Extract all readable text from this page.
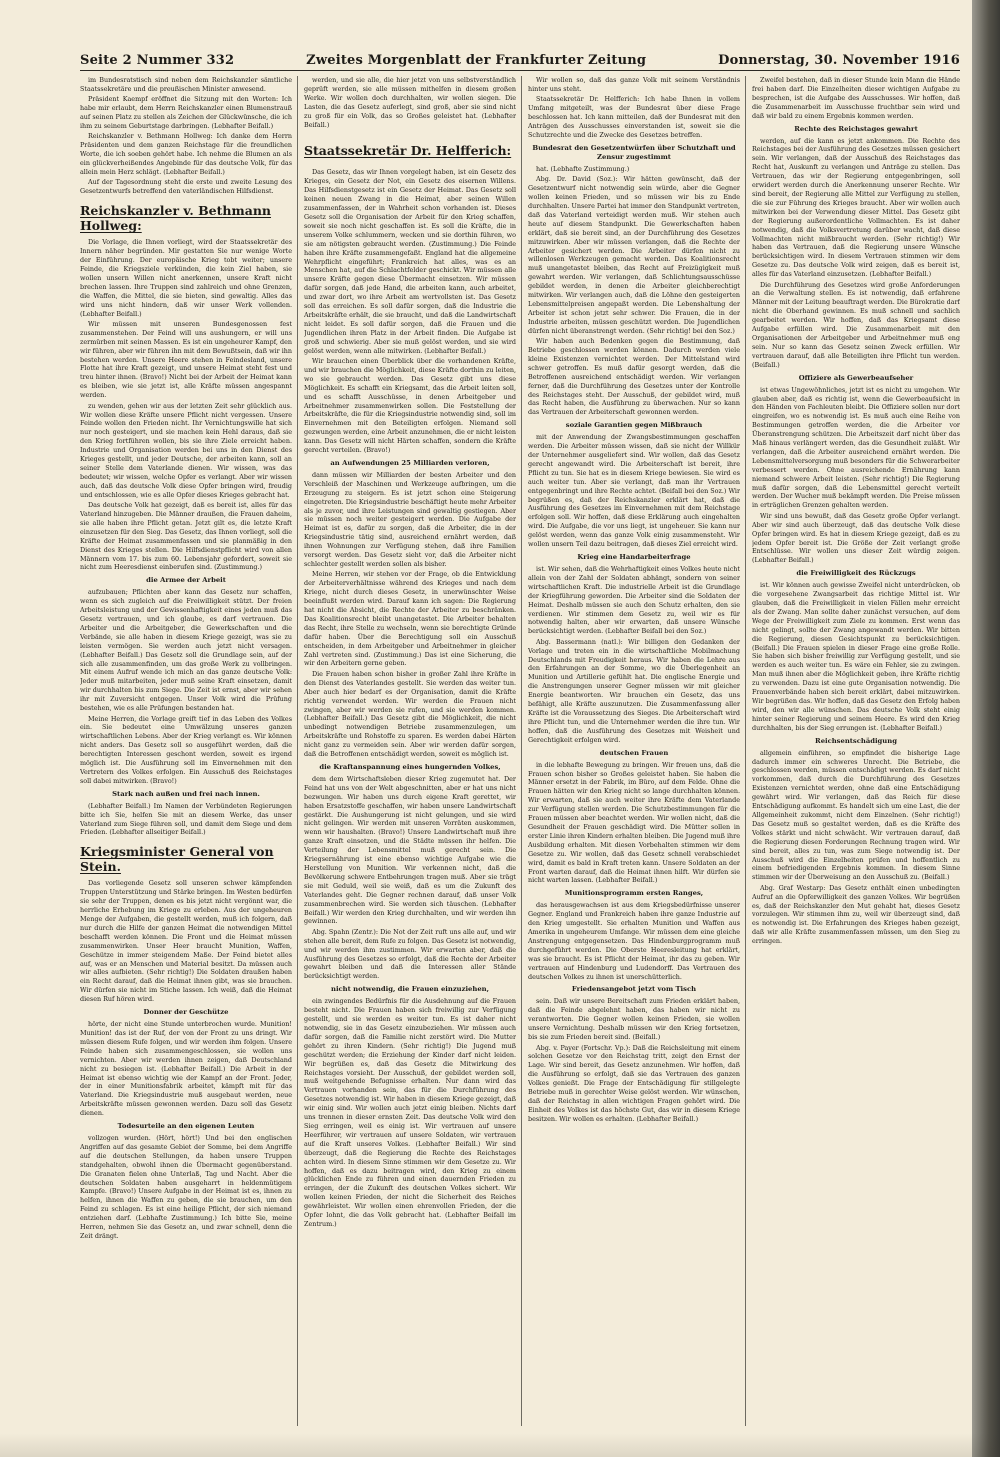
Seite 2 Nummer 332	Zweites Morgenblatt der Frankfurter Zeitung	Donnerstag, 30. November 1916

im Bundesratstisch sind neben dem Reichskanzler sämtliche Staatssekretäre und die preußischen Minister anwesend.

Präsident Kaempf eröffnet die Sitzung mit den Worten: Ich habe mir erlaubt, dem Herrn Reichskanzler einen Blumenstrauß auf seinen Platz zu stellen als Zeichen der Glückwünsche, die ich ihm zu seinem Geburtstage darbringen. (Lebhafter Beifall.)

Reichskanzler v. Bethmann Hollweg: Ich danke dem Herrn Präsidenten und dem ganzen Reichstage für die freundlichen Worte, die ich soeben gehört habe. Ich nehme die Blumen an als ein glückverheißendes Angebinde für das deutsche Volk, für das allein mein Herz schlägt. (Lebhafter Beifall.)

Auf der Tagesordnung steht die erste und zweite Lesung des Gesetzentwurfs betreffend den vaterländischen Hilfsdienst.

Reichskanzler v. Bethmann Hollweg:

Die Vorlage, die Ihnen vorliegt, wird der Staatssekretär des Innern näher begründen. Mir gestatten Sie nur wenige Worte der Einführung. Der europäische Krieg tobt weiter; unsere Feinde, die Kriegsziele verkünden, die kein Ziel haben, sie wollen unsern Willen nicht anerkennen, unsere Kraft nicht brechen lassen. Ihre Truppen sind zahlreich und ohne Grenzen, die Waffen, die Mittel, die sie bieten, sind gewaltig. Alles das wird uns nicht hindern, daß wir unser Werk vollenden. (Lebhafter Beifall.)

Wir müssen mit unseren Bundesgenossen fest zusammenstehen. Der Feind will uns aushungern, er will uns zermürben mit seinen Massen. Es ist ein ungeheurer Kampf, den wir führen, aber wir führen ihn mit dem Bewußtsein, daß wir ihn bestehen werden. Unsere Heere stehen in Feindesland, unsere Flotte hat ihre Kraft gezeigt, und unsere Heimat steht fest und treu hinter ihnen. (Bravo!) Nicht bei der Arbeit der Heimat kann es bleiben, wie sie jetzt ist, alle Kräfte müssen angespannt werden.

zu wenden, gehen wir aus der letzten Zeit sehr glücklich aus. Wir wollen diese Kräfte unsere Pflicht nicht vergessen. Unsere Feinde wollen den Frieden nicht. Ihr Vernichtungswille hat sich nur noch gesteigert, und sie machen kein Hehl daraus, daß sie den Krieg fortführen wollen, bis sie ihre Ziele erreicht haben. Industrie und Organisation werden bei uns in den Dienst des Krieges gestellt, und jeder Deutsche, der arbeiten kann, soll an seiner Stelle dem Vaterlande dienen. Wir wissen, was das bedeutet; wir wissen, welche Opfer es verlangt. Aber wir wissen auch, daß das deutsche Volk diese Opfer bringen wird, freudig und entschlossen, wie es alle Opfer dieses Krieges gebracht hat.

Das deutsche Volk hat gezeigt, daß es bereit ist, alles für das Vaterland hinzugeben. Die Männer draußen, die Frauen daheim, sie alle haben ihre Pflicht getan. Jetzt gilt es, die letzte Kraft einzusetzen für den Sieg. Das Gesetz, das Ihnen vorliegt, soll die Kräfte der Heimat zusammenfassen und sie planmäßig in den Dienst des Krieges stellen. Die Hilfsdienstpflicht wird von allen Männern vom 17. bis zum 60. Lebensjahr gefordert, soweit sie nicht zum Heeresdienst einberufen sind. (Zustimmung.)

die Armee der Arbeit

aufzubauen; Pflichten aber kann das Gesetz nur schaffen, wenn es sich zugleich auf die Freiwilligkeit stützt. Der freien Arbeitsleistung und der Gewissenhaftigkeit eines jeden muß das Gesetz vertrauen, und ich glaube, es darf vertrauen. Die Arbeiter und die Arbeitgeber, die Gewerkschaften und die Verbände, sie alle haben in diesem Kriege gezeigt, was sie zu leisten vermögen. Sie werden auch jetzt nicht versagen. (Lebhafter Beifall.) Das Gesetz soll die Grundlage sein, auf der sich alle zusammenfinden, um das große Werk zu vollbringen. Mit einem Aufruf wende ich mich an das ganze deutsche Volk: Jeder muß mitarbeiten, jeder muß seine Kraft einsetzen, damit wir durchhalten bis zum Siege. Die Zeit ist ernst, aber wir sehen ihr mit Zuversicht entgegen. Unser Volk wird die Prüfung bestehen, wie es alle Prüfungen bestanden hat.

Meine Herren, die Vorlage greift tief in das Leben des Volkes ein. Sie bedeutet eine Umwälzung unseres ganzen wirtschaftlichen Lebens. Aber der Krieg verlangt es. Wir können nicht anders. Das Gesetz soll so ausgeführt werden, daß die berechtigten Interessen geschont werden, soweit es irgend möglich ist. Die Ausführung soll im Einvernehmen mit den Vertretern des Volkes erfolgen. Ein Ausschuß des Reichstages soll dabei mitwirken. (Bravo!)

Stark nach außen und frei nach innen.

(Lebhafter Beifall.) Im Namen der Verbündeten Regierungen bitte ich Sie, helfen Sie mit an diesem Werke, das unser Vaterland zum Siege führen soll, und damit dem Siege und dem Frieden. (Lebhafter allseitiger Beifall.)

Kriegsminister General von Stein.

Das vorliegende Gesetz soll unseren schwer kämpfenden Truppen Unterstützung und Stärke bringen. Im Westen bedürfen sie sehr der Truppen, denen es bis jetzt nicht vergönnt war, die herrliche Erhebung im Kriege zu erleben. Aus der ungeheuren Menge der Aufgaben, die gestellt werden, muß ich folgern, daß nur durch die Hilfe der ganzen Heimat die notwendigen Mittel beschafft werden können. Die Front und die Heimat müssen zusammenwirken. Unser Heer braucht Munition, Waffen, Geschütze in immer steigendem Maße. Der Feind bietet alles auf, was er an Menschen und Material besitzt. Da müssen auch wir alles aufbieten. (Sehr richtig!) Die Soldaten draußen haben ein Recht darauf, daß die Heimat ihnen gibt, was sie brauchen. Wir dürfen sie nicht im Stiche lassen. Ich weiß, daß die Heimat diesen Ruf hören wird.

Donner der Geschütze

hörte, der nicht eine Stunde unterbrochen wurde. Munition! Munition! das ist der Ruf, der von der Front zu uns dringt. Wir müssen diesem Rufe folgen, und wir werden ihm folgen. Unsere Feinde haben sich zusammengeschlossen, sie wollen uns vernichten. Aber wir werden ihnen zeigen, daß Deutschland nicht zu besiegen ist. (Lebhafter Beifall.) Die Arbeit in der Heimat ist ebenso wichtig wie der Kampf an der Front. Jeder, der in einer Munitionsfabrik arbeitet, kämpft mit für das Vaterland. Die Kriegsindustrie muß ausgebaut werden, neue Arbeitskräfte müssen gewonnen werden. Dazu soll das Gesetz dienen.

Todesurteile an den eigenen Leuten

vollzogen wurden. (Hört, hört!) Und bei den englischen Angriffen auf das gesamte Gebiet der Somme, bei dem Angriffe auf die deutschen Stellungen, da haben unsere Truppen standgehalten, obwohl ihnen die Übermacht gegenüberstand. Die Granaten fielen ohne Unterlaß, Tag und Nacht. Aber die deutschen Soldaten haben ausgeharrt in heldenmütigem Kampfe. (Bravo!) Unsere Aufgabe in der Heimat ist es, ihnen zu helfen, ihnen die Waffen zu geben, die sie brauchen, um den Feind zu schlagen. Es ist eine heilige Pflicht, der sich niemand entziehen darf. (Lebhafte Zustimmung.) Ich bitte Sie, meine Herren, nehmen Sie das Gesetz an, und zwar schnell, denn die Zeit drängt.

werden, und sie alle, die hier jetzt von uns selbstverständlich geprüft werden, sie alle müssen mithelfen in diesem großen Werke. Wir wollen doch durchhalten, wir wollen siegen. Die Lasten, die das Gesetz auferlegt, sind groß, aber sie sind nicht zu groß für ein Volk, das so Großes geleistet hat. (Lebhafter Beifall.)

Staatssekretär Dr. Helfferich:

Das Gesetz, das wir Ihnen vorgelegt haben, ist ein Gesetz des Krieges, ein Gesetz der Not, ein Gesetz des eisernen Willens. Das Hilfsdienstgesetz ist ein Gesetz der Heimat. Das Gesetz soll keinen neuen Zwang in die Heimat, aber seinen Willen zusammenfassen, der in Wahrheit schon vorhanden ist. Dieses Gesetz soll die Organisation der Arbeit für den Krieg schaffen, soweit sie noch nicht geschaffen ist. Es soll die Kräfte, die in unserem Volke schlummern, wecken und sie dorthin führen, wo sie am nötigsten gebraucht werden. (Zustimmung.) Die Feinde haben ihre Kräfte zusammengefaßt. England hat die allgemeine Wehrpflicht eingeführt; Frankreich hat alles, was es an Menschen hat, auf die Schlachtfelder geschickt. Wir müssen alle unsere Kräfte gegen diese Übermacht einsetzen. Wir müssen dafür sorgen, daß jede Hand, die arbeiten kann, auch arbeitet, und zwar dort, wo ihre Arbeit am wertvollsten ist. Das Gesetz soll das erreichen. Es soll dafür sorgen, daß die Industrie die Arbeitskräfte erhält, die sie braucht, und daß die Landwirtschaft nicht leidet. Es soll dafür sorgen, daß die Frauen und die Jugendlichen ihren Platz in der Arbeit finden. Die Aufgabe ist groß und schwierig. Aber sie muß gelöst werden, und sie wird gelöst werden, wenn alle mitwirken. (Lebhafter Beifall.)

Wir brauchen einen Überblick über die vorhandenen Kräfte, und wir brauchen die Möglichkeit, diese Kräfte dorthin zu leiten, wo sie gebraucht werden. Das Gesetz gibt uns diese Möglichkeit. Es schafft ein Kriegsamt, das die Arbeit leiten soll, und es schafft Ausschüsse, in denen Arbeitgeber und Arbeitnehmer zusammenwirken sollen. Die Feststellung der Arbeitskräfte, die für die Kriegsindustrie notwendig sind, soll im Einvernehmen mit den Beteiligten erfolgen. Niemand soll gezwungen werden, eine Arbeit anzunehmen, die er nicht leisten kann. Das Gesetz will nicht Härten schaffen, sondern die Kräfte gerecht verteilen. (Bravo!)

an Aufwendungen 25 Milliarden verloren,

dann müssen wir Milliarden der besten Arbeiter und den Verschleiß der Maschinen und Werkzeuge aufbringen, um die Erzeugung zu steigern. Es ist jetzt schon eine Steigerung eingetreten. Die Kriegsindustrie beschäftigt heute mehr Arbeiter als je zuvor, und ihre Leistungen sind gewaltig gestiegen. Aber sie müssen noch weiter gesteigert werden. Die Aufgabe der Heimat ist es, dafür zu sorgen, daß die Arbeiter, die in der Kriegsindustrie tätig sind, ausreichend ernährt werden, daß ihnen Wohnungen zur Verfügung stehen, daß ihre Familien versorgt werden. Das Gesetz sieht vor, daß die Arbeiter nicht schlechter gestellt werden sollen als bisher.

Meine Herren, wir stehen vor der Frage, ob die Entwicklung der Arbeiterverhältnisse während des Krieges und nach dem Kriege, nicht durch dieses Gesetz, in unerwünschter Weise beeinflußt werden wird. Darauf kann ich sagen: Die Regierung hat nicht die Absicht, die Rechte der Arbeiter zu beschränken. Das Koalitionsrecht bleibt unangetastet. Die Arbeiter behalten das Recht, ihre Stelle zu wechseln, wenn sie berechtigte Gründe dafür haben. Über die Berechtigung soll ein Ausschuß entscheiden, in dem Arbeitgeber und Arbeitnehmer in gleicher Zahl vertreten sind. (Zustimmung.) Das ist eine Sicherung, die wir den Arbeitern gerne geben.

Die Frauen haben schon bisher in großer Zahl ihre Kräfte in den Dienst des Vaterlandes gestellt. Sie werden das weiter tun. Aber auch hier bedarf es der Organisation, damit die Kräfte richtig verwendet werden. Wir werden die Frauen nicht zwingen, aber wir werden sie rufen, und sie werden kommen. (Lebhafter Beifall.) Das Gesetz gibt die Möglichkeit, die nicht unbedingt notwendigen Betriebe zusammenzulegen, um Arbeitskräfte und Rohstoffe zu sparen. Es werden dabei Härten nicht ganz zu vermeiden sein. Aber wir werden dafür sorgen, daß die Betroffenen entschädigt werden, soweit es möglich ist.

die Kraftanspannung eines hungernden Volkes,

dem dem Wirtschaftsleben dieser Krieg zugemutet hat. Der Feind hat uns von der Welt abgeschnitten, aber er hat uns nicht bezwungen. Wir haben uns durch eigene Kraft gerettet, wir haben Ersatzstoffe geschaffen, wir haben unsere Landwirtschaft gestärkt. Die Aushungerung ist nicht gelungen, und sie wird nicht gelingen. Wir werden mit unseren Vorräten auskommen, wenn wir haushalten. (Bravo!) Unsere Landwirtschaft muß ihre ganze Kraft einsetzen, und die Städte müssen ihr helfen. Die Verteilung der Lebensmittel muß gerecht sein. Die Kriegsernährung ist eine ebenso wichtige Aufgabe wie die Herstellung von Munition. Wir verkennen nicht, daß die Bevölkerung schwere Entbehrungen tragen muß. Aber sie trägt sie mit Geduld, weil sie weiß, daß es um die Zukunft des Vaterlandes geht. Die Gegner rechnen darauf, daß unser Volk zusammenbrechen wird. Sie werden sich täuschen. (Lebhafter Beifall.) Wir werden den Krieg durchhalten, und wir werden ihn gewinnen.

Abg. Spahn (Zentr.): Die Not der Zeit ruft uns alle auf, und wir stehen alle bereit, dem Rufe zu folgen. Das Gesetz ist notwendig, und wir werden ihm zustimmen. Wir erwarten aber, daß die Ausführung des Gesetzes so erfolgt, daß die Rechte der Arbeiter gewahrt bleiben und daß die Interessen aller Stände berücksichtigt werden.

nicht notwendig, die Frauen einzuziehen,

ein zwingendes Bedürfnis für die Ausdehnung auf die Frauen besteht nicht. Die Frauen haben sich freiwillig zur Verfügung gestellt, und sie werden es weiter tun. Es ist daher nicht notwendig, sie in das Gesetz einzubeziehen. Wir müssen auch dafür sorgen, daß die Familie nicht zerstört wird. Die Mutter gehört zu ihren Kindern. (Sehr richtig!) Die Jugend muß geschützt werden; die Erziehung der Kinder darf nicht leiden. Wir begrüßen es, daß das Gesetz die Mitwirkung des Reichstages vorsieht. Der Ausschuß, der gebildet werden soll, muß weitgehende Befugnisse erhalten. Nur dann wird das Vertrauen vorhanden sein, das für die Durchführung des Gesetzes notwendig ist. Wir haben in diesem Kriege gezeigt, daß wir einig sind. Wir wollen auch jetzt einig bleiben. Nichts darf uns trennen in dieser ernsten Zeit. Das deutsche Volk wird den Sieg erringen, weil es einig ist. Wir vertrauen auf unsere Heerführer, wir vertrauen auf unsere Soldaten, wir vertrauen auf die Kraft unseres Volkes. (Lebhafter Beifall.) Wir sind überzeugt, daß die Regierung die Rechte des Reichstages achten wird. In diesem Sinne stimmen wir dem Gesetze zu. Wir hoffen, daß es dazu beitragen wird, den Krieg zu einem glücklichen Ende zu führen und einen dauernden Frieden zu erringen, der die Zukunft des deutschen Volkes sichert. Wir wollen keinen Frieden, der nicht die Sicherheit des Reiches gewährleistet. Wir wollen einen ehrenvollen Frieden, der die Opfer lohnt, die das Volk gebracht hat. (Lebhafter Beifall im Zentrum.)

Wir wollen so, daß das ganze Volk mit seinem Verständnis hinter uns steht.

Staatssekretär Dr. Helfferich: Ich habe Ihnen in vollem Umfang mitgeteilt, was der Bundesrat über diese Frage beschlossen hat. Ich kann mitteilen, daß der Bundesrat mit den Anträgen des Ausschusses einverstanden ist, soweit sie die Schutzrechte und die Zwecke des Gesetzes betreffen.

Bundesrat den Gesetzentwürfen über Schutzhaft und Zensur zugestimmt

hat. (Lebhafte Zustimmung.)

Abg. Dr. David (Soz.): Wir hätten gewünscht, daß der Gesetzentwurf nicht notwendig sein würde, aber die Gegner wollen keinen Frieden, und so müssen wir bis zu Ende durchhalten. Unsere Partei hat immer den Standpunkt vertreten, daß das Vaterland verteidigt werden muß. Wir stehen auch heute auf diesem Standpunkt. Die Gewerkschaften haben erklärt, daß sie bereit sind, an der Durchführung des Gesetzes mitzuwirken. Aber wir müssen verlangen, daß die Rechte der Arbeiter gesichert werden. Die Arbeiter dürfen nicht zu willenlosen Werkzeugen gemacht werden. Das Koalitionsrecht muß unangetastet bleiben, das Recht auf Freizügigkeit muß gewahrt werden. Wir verlangen, daß Schlichtungsausschüsse gebildet werden, in denen die Arbeiter gleichberechtigt mitwirken. Wir verlangen auch, daß die Löhne den gesteigerten Lebensmittelpreisen angepaßt werden. Die Lebenshaltung der Arbeiter ist schon jetzt sehr schwer. Die Frauen, die in der Industrie arbeiten, müssen geschützt werden. Die Jugendlichen dürfen nicht überanstrengt werden. (Sehr richtig! bei den Soz.)

Wir haben auch Bedenken gegen die Bestimmung, daß Betriebe geschlossen werden können. Dadurch werden viele kleine Existenzen vernichtet werden. Der Mittelstand wird schwer getroffen. Es muß dafür gesorgt werden, daß die Betroffenen ausreichend entschädigt werden. Wir verlangen ferner, daß die Durchführung des Gesetzes unter der Kontrolle des Reichstages steht. Der Ausschuß, der gebildet wird, muß das Recht haben, die Ausführung zu überwachen. Nur so kann das Vertrauen der Arbeiterschaft gewonnen werden.

soziale Garantien gegen Mißbrauch

mit der Anwendung der Zwangsbestimmungen geschaffen werden. Die Arbeiter müssen wissen, daß sie nicht der Willkür der Unternehmer ausgeliefert sind. Wir wollen, daß das Gesetz gerecht angewandt wird. Die Arbeiterschaft ist bereit, ihre Pflicht zu tun. Sie hat es in diesem Kriege bewiesen. Sie wird es auch weiter tun. Aber sie verlangt, daß man ihr Vertrauen entgegenbringt und ihre Rechte achtet. (Beifall bei den Soz.) Wir begrüßen es, daß der Reichskanzler erklärt hat, daß die Ausführung des Gesetzes im Einvernehmen mit dem Reichstage erfolgen soll. Wir hoffen, daß diese Erklärung auch eingehalten wird. Die Aufgabe, die vor uns liegt, ist ungeheuer. Sie kann nur gelöst werden, wenn das ganze Volk einig zusammensteht. Wir wollen unsern Teil dazu beitragen, daß dieses Ziel erreicht wird.

Krieg eine Handarbeiterfrage

ist. Wir sehen, daß die Wehrhaftigkeit eines Volkes heute nicht allein von der Zahl der Soldaten abhängt, sondern von seiner wirtschaftlichen Kraft. Die industrielle Arbeit ist die Grundlage der Kriegführung geworden. Die Arbeiter sind die Soldaten der Heimat. Deshalb müssen sie auch den Schutz erhalten, den sie verdienen. Wir stimmen dem Gesetz zu, weil wir es für notwendig halten, aber wir erwarten, daß unsere Wünsche berücksichtigt werden. (Lebhafter Beifall bei den Soz.)

Abg. Bassermann (natl.): Wir billigen den Gedanken der Vorlage und treten ein in die wirtschaftliche Mobilmachung Deutschlands mit Freudigkeit heraus. Wir haben die Lehre aus den Erfahrungen an der Somme, wo die Überlegenheit an Munition und Artillerie gefühlt hat. Die englische Energie und die Anstrengungen unserer Gegner müssen wir mit gleicher Energie beantworten. Wir brauchen ein Gesetz, das uns befähigt, alle Kräfte auszunutzen. Die Zusammenfassung aller Kräfte ist die Voraussetzung des Sieges. Die Arbeiterschaft wird ihre Pflicht tun, und die Unternehmer werden die ihre tun. Wir hoffen, daß die Ausführung des Gesetzes mit Weisheit und Gerechtigkeit erfolgen wird.

deutschen Frauen

in die lebhafte Bewegung zu bringen. Wir freuen uns, daß die Frauen schon bisher so Großes geleistet haben. Sie haben die Männer ersetzt in der Fabrik, im Büro, auf dem Felde. Ohne die Frauen hätten wir den Krieg nicht so lange durchhalten können. Wir erwarten, daß sie auch weiter ihre Kräfte dem Vaterlande zur Verfügung stellen werden. Die Schutzbestimmungen für die Frauen müssen aber beachtet werden. Wir wollen nicht, daß die Gesundheit der Frauen geschädigt wird. Die Mütter sollen in erster Linie ihren Kindern erhalten bleiben. Die Jugend muß ihre Ausbildung erhalten. Mit diesen Vorbehalten stimmen wir dem Gesetze zu. Wir wollen, daß das Gesetz schnell verabschiedet wird, damit es bald in Kraft treten kann. Unsere Soldaten an der Front warten darauf, daß die Heimat ihnen hilft. Wir dürfen sie nicht warten lassen. (Lebhafter Beifall.)

Munitionsprogramm ersten Ranges,

das herausgewachsen ist aus dem Kriegsbedürfnisse unserer Gegner. England und Frankreich haben ihre ganze Industrie auf den Krieg umgestellt. Sie erhalten Munition und Waffen aus Amerika in ungeheurem Umfange. Wir müssen dem eine gleiche Anstrengung entgegensetzen. Das Hindenburgprogramm muß durchgeführt werden. Die Oberste Heeresleitung hat erklärt, was sie braucht. Es ist Pflicht der Heimat, ihr das zu geben. Wir vertrauen auf Hindenburg und Ludendorff. Das Vertrauen des deutschen Volkes zu ihnen ist unerschütterlich.

Friedensangebot jetzt vom Tisch

sein. Daß wir unsere Bereitschaft zum Frieden erklärt haben, daß die Feinde abgelehnt haben, das haben wir nicht zu verantworten. Die Gegner wollen keinen Frieden, sie wollen unsere Vernichtung. Deshalb müssen wir den Krieg fortsetzen, bis sie zum Frieden bereit sind. (Beifall.)

Abg. v. Payer (Fortschr. Vp.): Daß die Reichsleitung mit einem solchen Gesetze vor den Reichstag tritt, zeigt den Ernst der Lage. Wir sind bereit, das Gesetz anzunehmen. Wir hoffen, daß die Ausführung so erfolgt, daß sie das Vertrauen des ganzen Volkes genießt. Die Frage der Entschädigung für stillgelegte Betriebe muß in gerechter Weise gelöst werden. Wir wünschen, daß der Reichstag in allen wichtigen Fragen gehört wird. Die Einheit des Volkes ist das höchste Gut, das wir in diesem Kriege besitzen. Wir wollen es erhalten. (Lebhafter Beifall.)

Zweifel bestehen, daß in dieser Stunde kein Mann die Hände frei haben darf. Die Einzelheiten dieser wichtigen Aufgabe zu besprechen, ist die Aufgabe des Ausschusses. Wir hoffen, daß die Zusammenarbeit im Ausschusse fruchtbar sein wird und daß wir bald zu einem Ergebnis kommen werden.

Rechte des Reichstages gewahrt

werden, auf die kann es jetzt ankommen. Die Rechte des Reichstages bei der Ausführung des Gesetzes müssen gesichert sein. Wir verlangen, daß der Ausschuß des Reichstages das Recht hat, Auskunft zu verlangen und Anträge zu stellen. Das Vertrauen, das wir der Regierung entgegenbringen, soll erwidert werden durch die Anerkennung unserer Rechte. Wir sind bereit, der Regierung alle Mittel zur Verfügung zu stellen, die sie zur Führung des Krieges braucht. Aber wir wollen auch mitwirken bei der Verwendung dieser Mittel. Das Gesetz gibt der Regierung außerordentliche Vollmachten. Es ist daher notwendig, daß die Volksvertretung darüber wacht, daß diese Vollmachten nicht mißbraucht werden. (Sehr richtig!) Wir haben das Vertrauen, daß die Regierung unsere Wünsche berücksichtigen wird. In diesem Vertrauen stimmen wir dem Gesetze zu. Das deutsche Volk wird zeigen, daß es bereit ist, alles für das Vaterland einzusetzen. (Lebhafter Beifall.)

Die Durchführung des Gesetzes wird große Anforderungen an die Verwaltung stellen. Es ist notwendig, daß erfahrene Männer mit der Leitung beauftragt werden. Die Bürokratie darf nicht die Oberhand gewinnen. Es muß schnell und sachlich gearbeitet werden. Wir hoffen, daß das Kriegsamt diese Aufgabe erfüllen wird. Die Zusammenarbeit mit den Organisationen der Arbeitgeber und Arbeitnehmer muß eng sein. Nur so kann das Gesetz seinen Zweck erfüllen. Wir vertrauen darauf, daß alle Beteiligten ihre Pflicht tun werden. (Beifall.)

Offiziere als Gewerbeaufseher

ist etwas Ungewöhnliches, jetzt ist es nicht zu umgehen. Wir glauben aber, daß es richtig ist, wenn die Gewerbeaufsicht in den Händen von Fachleuten bleibt. Die Offiziere sollen nur dort eingreifen, wo es notwendig ist. Es muß auch eine Reihe von Bestimmungen getroffen werden, die die Arbeiter vor Überanstrengung schützen. Die Arbeitszeit darf nicht über das Maß hinaus verlängert werden, das die Gesundheit zuläßt. Wir verlangen, daß die Arbeiter ausreichend ernährt werden. Die Lebensmittelversorgung muß besonders für die Schwerarbeiter verbessert werden. Ohne ausreichende Ernährung kann niemand schwere Arbeit leisten. (Sehr richtig!) Die Regierung muß dafür sorgen, daß die Lebensmittel gerecht verteilt werden. Der Wucher muß bekämpft werden. Die Preise müssen in erträglichen Grenzen gehalten werden.

Wir sind uns bewußt, daß das Gesetz große Opfer verlangt. Aber wir sind auch überzeugt, daß das deutsche Volk diese Opfer bringen wird. Es hat in diesem Kriege gezeigt, daß es zu jedem Opfer bereit ist. Die Größe der Zeit verlangt große Entschlüsse. Wir wollen uns dieser Zeit würdig zeigen. (Lebhafter Beifall.)

die Freiwilligkeit des Rückzugs

ist. Wir können auch gewisse Zweifel nicht unterdrücken, ob die vorgesehene Zwangsarbeit das richtige Mittel ist. Wir glauben, daß die Freiwilligkeit in vielen Fällen mehr erreicht als der Zwang. Man sollte daher zunächst versuchen, auf dem Wege der Freiwilligkeit zum Ziele zu kommen. Erst wenn das nicht gelingt, sollte der Zwang angewandt werden. Wir bitten die Regierung, diesen Gesichtspunkt zu berücksichtigen. (Beifall.) Die Frauen spielen in dieser Frage eine große Rolle. Sie haben sich bisher freiwillig zur Verfügung gestellt, und sie werden es auch weiter tun. Es wäre ein Fehler, sie zu zwingen. Man muß ihnen aber die Möglichkeit geben, ihre Kräfte richtig zu verwenden. Dazu ist eine gute Organisation notwendig. Die Frauenverbände haben sich bereit erklärt, dabei mitzuwirken. Wir begrüßen das. Wir hoffen, daß das Gesetz den Erfolg haben wird, den wir alle wünschen. Das deutsche Volk steht einig hinter seiner Regierung und seinem Heere. Es wird den Krieg durchhalten, bis der Sieg errungen ist. (Lebhafter Beifall.)

Reichsentschädigung

allgemein einführen, so empfindet die bisherige Lage dadurch immer ein schweres Unrecht. Die Betriebe, die geschlossen werden, müssen entschädigt werden. Es darf nicht vorkommen, daß durch die Durchführung des Gesetzes Existenzen vernichtet werden, ohne daß eine Entschädigung gewährt wird. Wir verlangen, daß das Reich für diese Entschädigung aufkommt. Es handelt sich um eine Last, die der Allgemeinheit zukommt, nicht dem Einzelnen. (Sehr richtig!) Das Gesetz muß so gestaltet werden, daß es die Kräfte des Volkes stärkt und nicht schwächt. Wir vertrauen darauf, daß die Regierung diesen Forderungen Rechnung tragen wird. Wir sind bereit, alles zu tun, was zum Siege notwendig ist. Der Ausschuß wird die Einzelheiten prüfen und hoffentlich zu einem befriedigenden Ergebnis kommen. In diesem Sinne stimmen wir der Überweisung an den Ausschuß zu. (Beifall.)

Abg. Graf Westarp: Das Gesetz enthält einen unbedingten Aufruf an die Opferwilligkeit des ganzen Volkes. Wir begrüßen es, daß der Reichskanzler den Mut gehabt hat, dieses Gesetz vorzulegen. Wir stimmen ihm zu, weil wir überzeugt sind, daß es notwendig ist. Die Erfahrungen des Krieges haben gezeigt, daß wir alle Kräfte zusammenfassen müssen, um den Sieg zu erringen.
